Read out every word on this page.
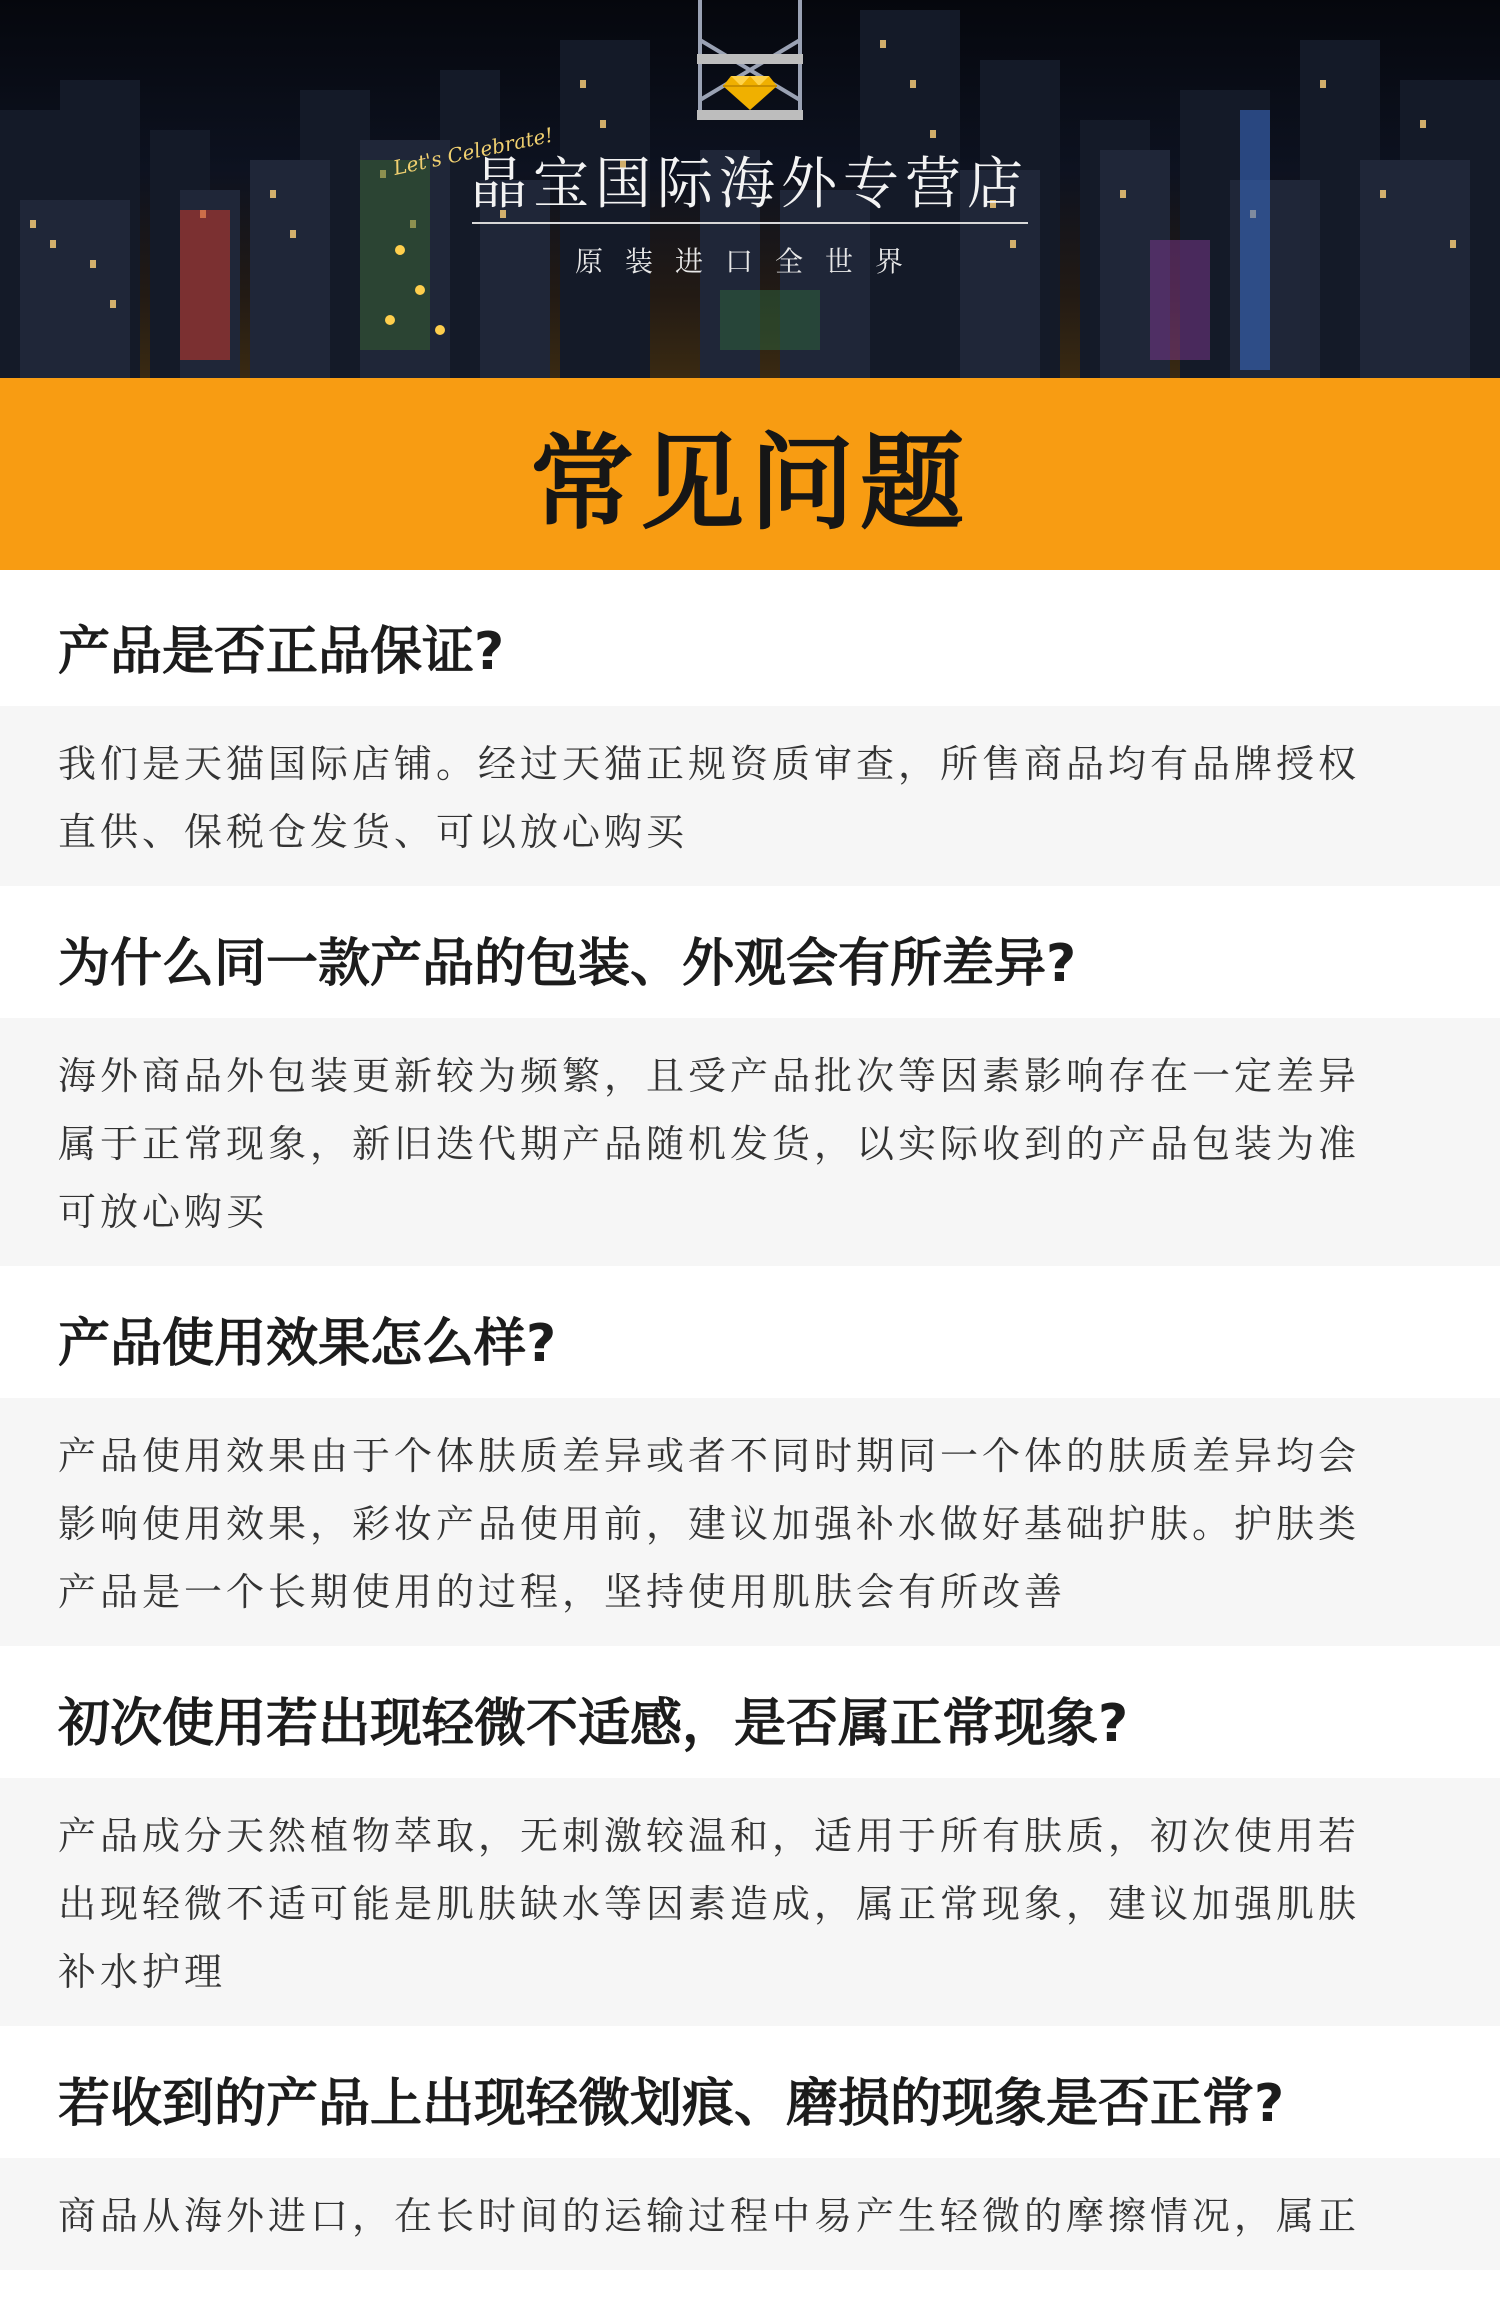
Let's Celebrate!
晶宝国际海外专营店
原装进口全世界
常见问题
产品是否正品保证?

我们是天猫国际店铺。经过天猫正规资质审查，所售商品均有品牌授权

直供、保税仓发货、可以放心购买

为什么同一款产品的包装、外观会有所差异?

海外商品外包装更新较为频繁，且受产品批次等因素影响存在一定差异

属于正常现象，新旧迭代期产品随机发货，以实际收到的产品包装为准

可放心购买

产品使用效果怎么样?

产品使用效果由于个体肤质差异或者不同时期同一个体的肤质差异均会

影响使用效果，彩妆产品使用前，建议加强补水做好基础护肤。护肤类

产品是一个长期使用的过程，坚持使用肌肤会有所改善

初次使用若出现轻微不适感，是否属正常现象?

产品成分天然植物萃取，无刺激较温和，适用于所有肤质，初次使用若

出现轻微不适可能是肌肤缺水等因素造成，属正常现象，建议加强肌肤

补水护理

若收到的产品上出现轻微划痕、磨损的现象是否正常?

商品从海外进口，在长时间的运输过程中易产生轻微的摩擦情况，属正
